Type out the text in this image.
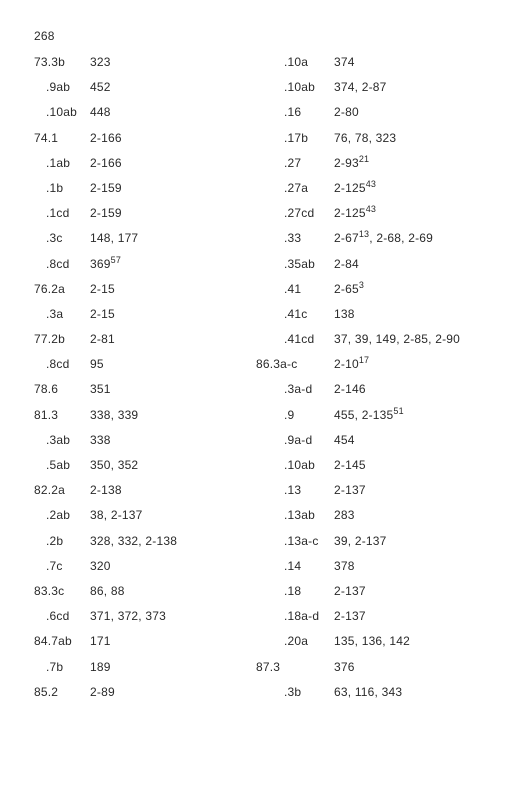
268
73.3b 323
.9ab 452
.10ab 448
74.1	2-166
.1ab 2-166
.1b 2-159
.1cd 2-159
.3c 148, 177
.8cd $369^{57}$
76.2a 2-15
.3a 2-15
77.2b 2-81
.8cd 95
78.6	351
81.3	338, 339
.3ab 338
.5ab 350, 352
82.2a 2-138
.2ab 38, 2-137
.2b 328, 332, 2-138
.7c 320
83.3c 86, 88
.6cd 371, 372, 373
84.7ab 171
.7b 189
85.2	2-89
.10a 374
.10ab 374, 2-87
.16	2-80
.17b 76, 78, 323
.27	$2-93^{21}$
.27a $2-125^{43}$
.27cd $2-125^{43}$
.33	$2-67^{13}$, 2-68, 2-69
.35ab 2-84
.41	$2-65^3$
.41c 138
.41cd 37, 39, 149, 2-85, 2-90
86.3a-c	$2-10^{17}$
.3a-d 2-146
.9	455, $2-135^{51}$
.9a-d 454
.10ab 2-145
.13	2-137
.13ab 283
.13a-c 39, 2-137
.14	378
.18	2-137
.18a-d 2-137
.20a 135, 136, 142
87.3	376
.3b	63, 116, 343
